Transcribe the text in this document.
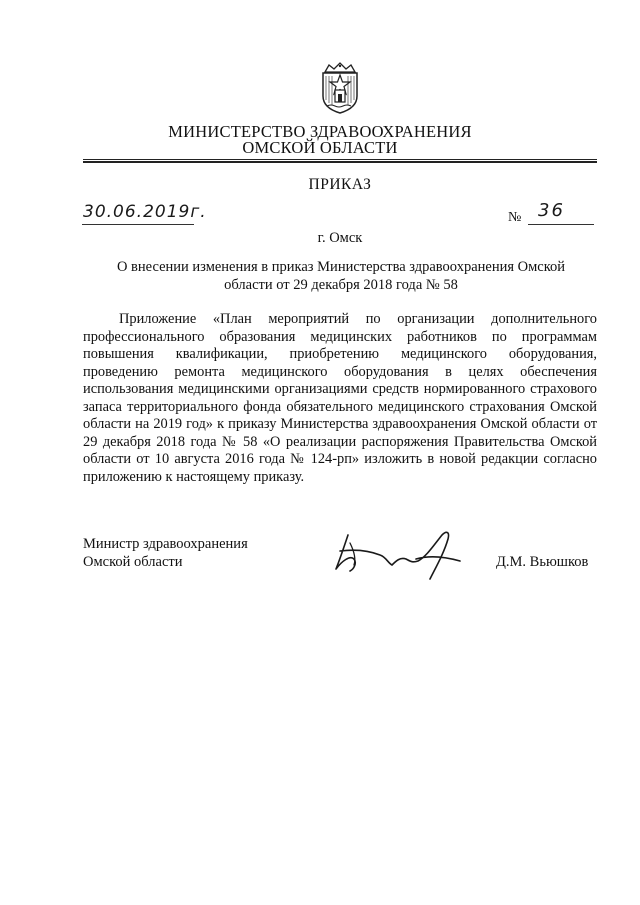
МИНИСТЕРСТВО ЗДРАВООХРАНЕНИЯ
ОМСКОЙ ОБЛАСТИ
ПРИКАЗ
30.06.2019г.	№ 36
г. Омск
О внесении изменения в приказ Министерства здравоохранения Омской области от 29 декабря 2018 года № 58
Приложение «План мероприятий по организации дополнительного профессионального образования медицинских работников по программам повышения квалификации, приобретению медицинского оборудования, проведению ремонта медицинского оборудования в целях обеспечения использования медицинскими организациями средств нормированного страхового запаса территориального фонда обязательного медицинского страхования Омской области на 2019 год» к приказу Министерства здравоохранения Омской области от 29 декабря 2018 года № 58 «О реализации распоряжения Правительства Омской области от 10 августа 2016 года № 124-рп» изложить в новой редакции согласно приложению к настоящему приказу.
Министр здравоохранения
Омской области	Д.М. Вьюшков
